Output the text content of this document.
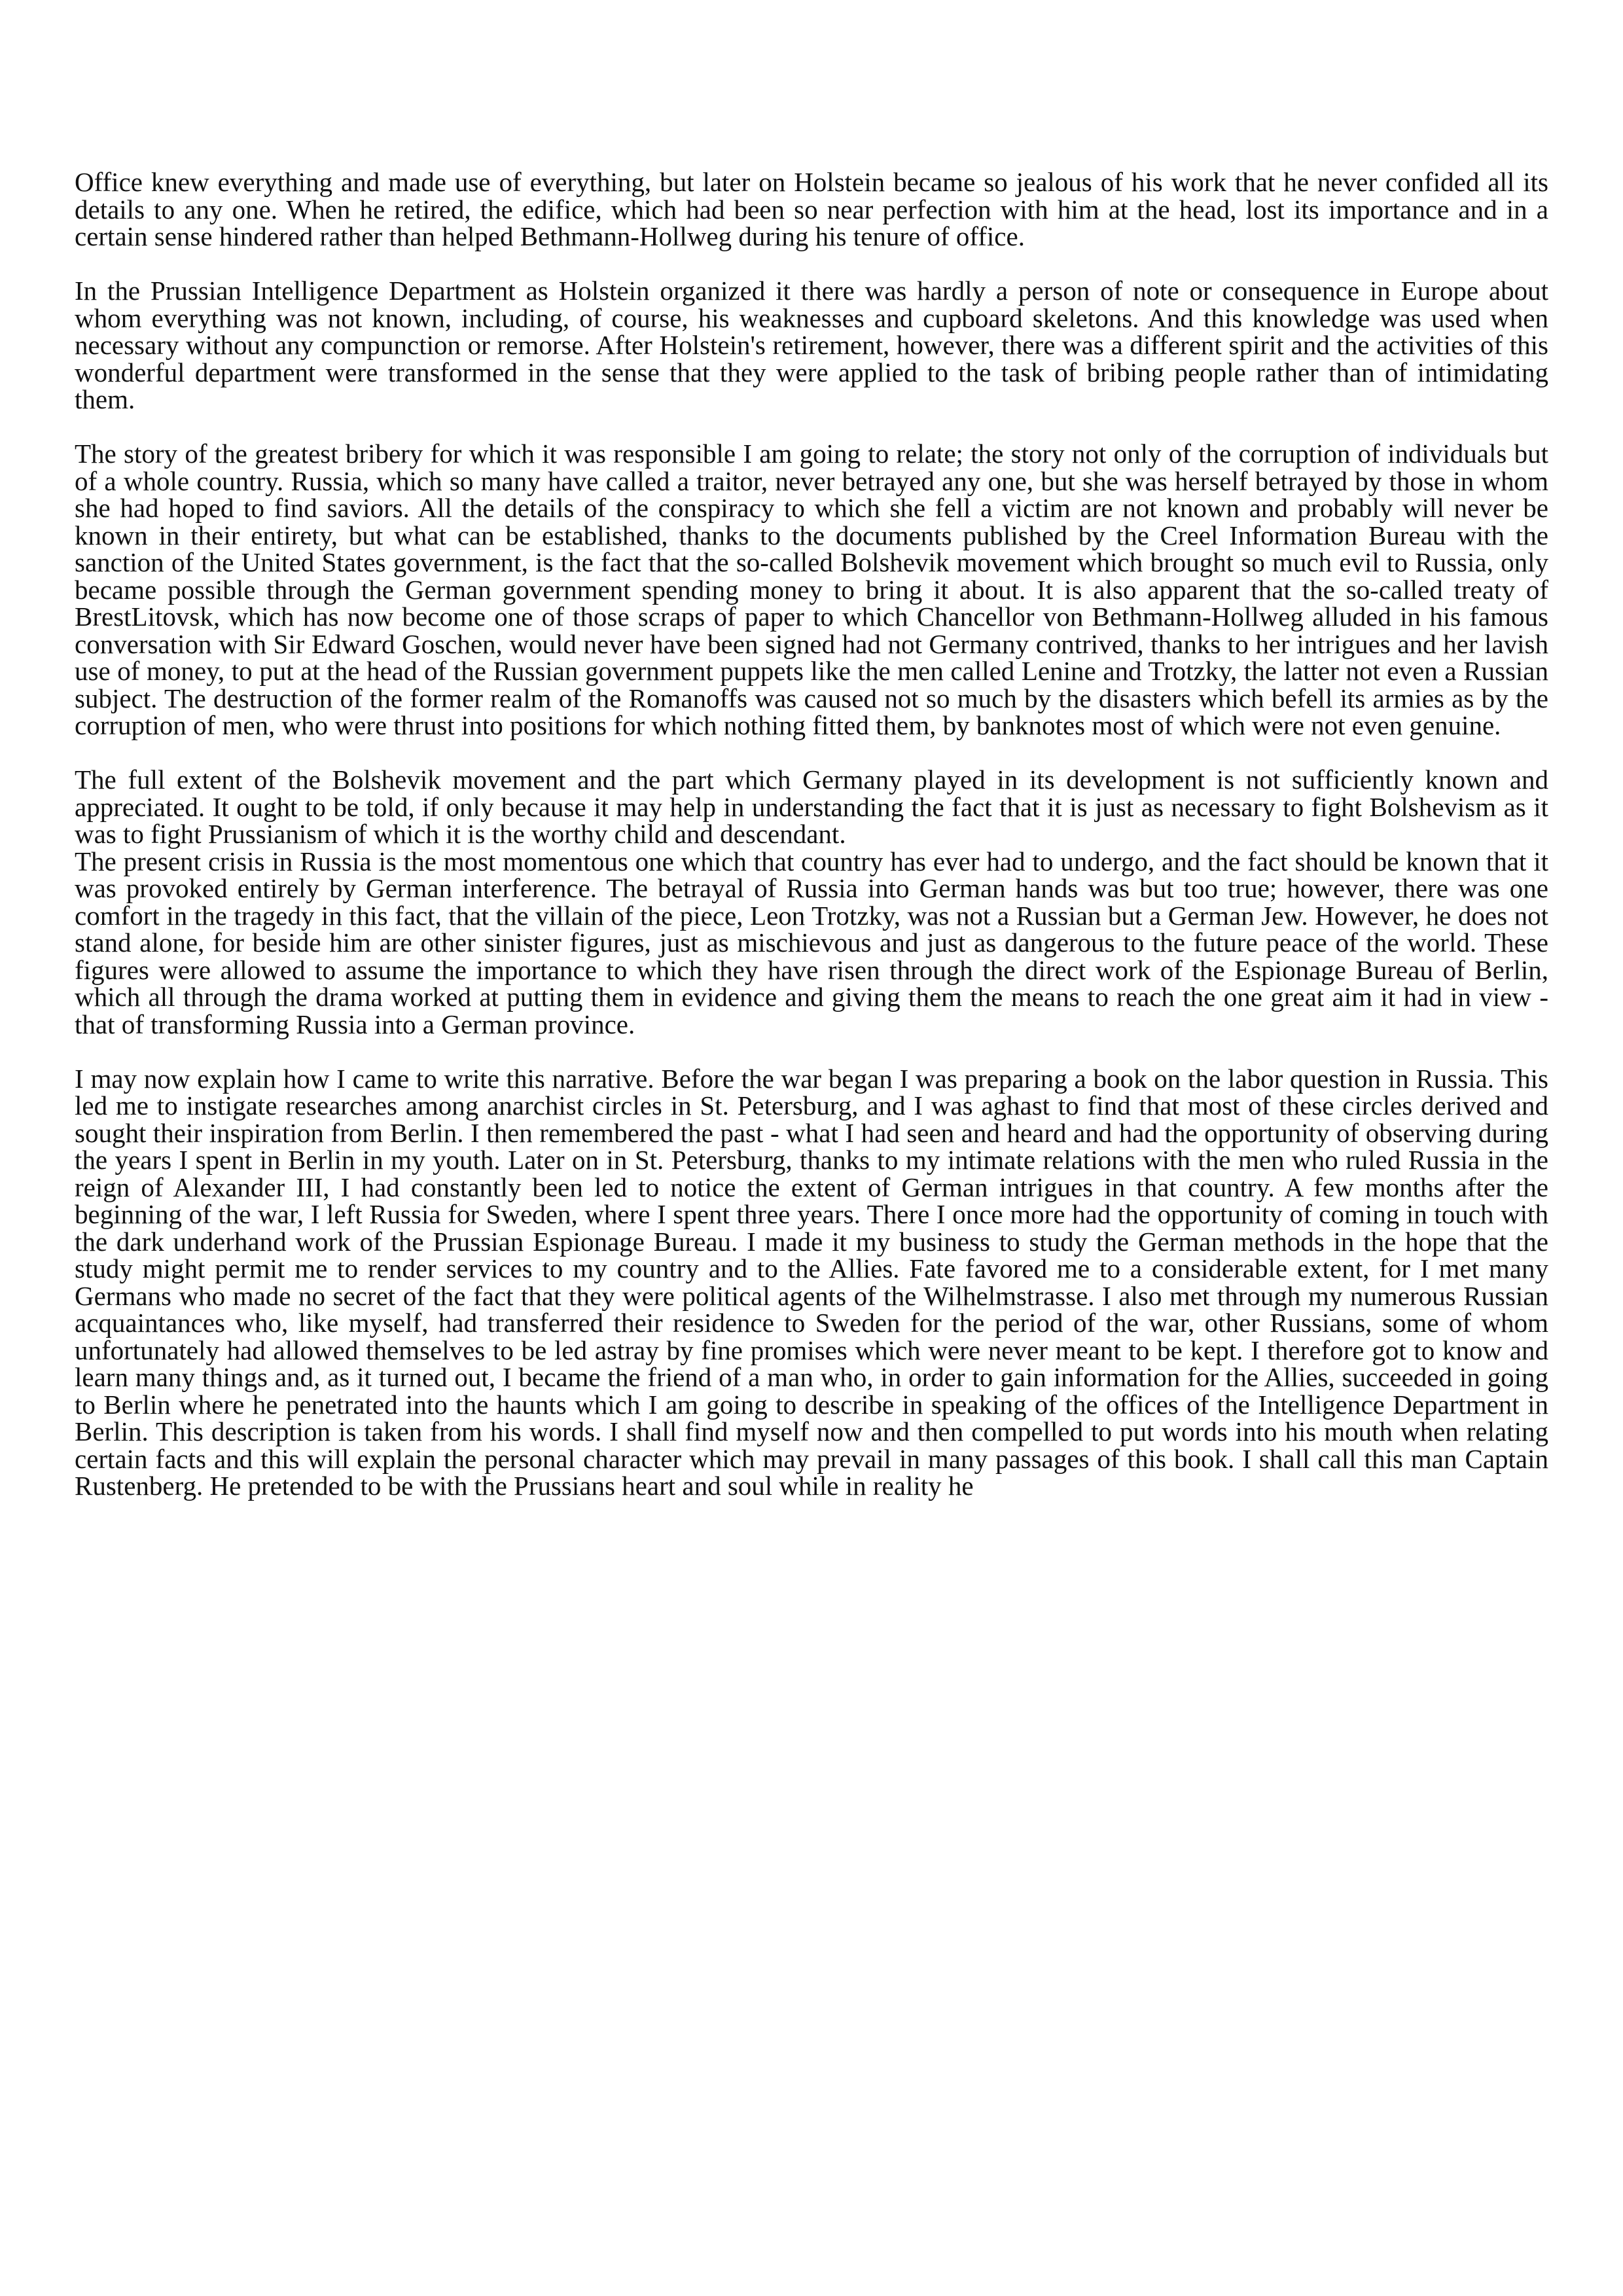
Office knew everything and made use of everything, but later on Holstein became so jealous of his work that he never confided all its details to any one. When he retired, the edifice, which had been so near perfection with him at the head, lost its importance and in a certain sense hindered rather than helped Bethmann-Hollweg during his tenure of office.

In the Prussian Intelligence Department as Holstein organized it there was hardly a person of note or consequence in Europe about whom everything was not known, including, of course, his weaknesses and cupboard skeletons. And this knowledge was used when necessary without any compunction or remorse. After Holstein's retirement, however, there was a different spirit and the activities of this wonderful department were transformed in the sense that they were applied to the task of bribing people rather than of intimidating them.

The story of the greatest bribery for which it was responsible I am going to relate; the story not only of the corruption of individuals but of a whole country. Russia, which so many have called a traitor, never betrayed any one, but she was herself betrayed by those in whom she had hoped to find saviors. All the details of the conspiracy to which she fell a victim are not known and probably will never be known in their entirety, but what can be established, thanks to the documents published by the Creel Information Bureau with the sanction of the United States government, is the fact that the so-called Bolshevik movement which brought so much evil to Russia, only became possible through the German government spending money to bring it about. It is also apparent that the so-called treaty of BrestLitovsk, which has now become one of those scraps of paper to which Chancellor von Bethmann-Hollweg alluded in his famous conversation with Sir Edward Goschen, would never have been signed had not Germany contrived, thanks to her intrigues and her lavish use of money, to put at the head of the Russian government puppets like the men called Lenine and Trotzky, the latter not even a Russian subject. The destruction of the former realm of the Romanoffs was caused not so much by the disasters which befell its armies as by the corruption of men, who were thrust into positions for which nothing fitted them, by banknotes most of which were not even genuine.

The full extent of the Bolshevik movement and the part which Germany played in its development is not sufficiently known and appreciated. It ought to be told, if only because it may help in understanding the fact that it is just as necessary to fight Bolshevism as it was to fight Prussianism of which it is the worthy child and descendant.

The present crisis in Russia is the most momentous one which that country has ever had to undergo, and the fact should be known that it was provoked entirely by German interference. The betrayal of Russia into German hands was but too true; however, there was one comfort in the tragedy in this fact, that the villain of the piece, Leon Trotzky, was not a Russian but a German Jew. However, he does not stand alone, for beside him are other sinister figures, just as mischievous and just as dangerous to the future peace of the world. These figures were allowed to assume the importance to which they have risen through the direct work of the Espionage Bureau of Berlin, which all through the drama worked at putting them in evidence and giving them the means to reach the one great aim it had in view -that of transforming Russia into a German province.

I may now explain how I came to write this narrative. Before the war began I was preparing a book on the labor question in Russia. This led me to instigate researches among anarchist circles in St. Petersburg, and I was aghast to find that most of these circles derived and sought their inspiration from Berlin. I then remembered the past - what I had seen and heard and had the opportunity of observing during the years I spent in Berlin in my youth. Later on in St. Petersburg, thanks to my intimate relations with the men who ruled Russia in the reign of Alexander III, I had constantly been led to notice the extent of German intrigues in that country. A few months after the beginning of the war, I left Russia for Sweden, where I spent three years. There I once more had the opportunity of coming in touch with the dark underhand work of the Prussian Espionage Bureau. I made it my business to study the German methods in the hope that the study might permit me to render services to my country and to the Allies. Fate favored me to a considerable extent, for I met many Germans who made no secret of the fact that they were political agents of the Wilhelmstrasse. I also met through my numerous Russian acquaintances who, like myself, had transferred their residence to Sweden for the period of the war, other Russians, some of whom unfortunately had allowed themselves to be led astray by fine promises which were never meant to be kept. I therefore got to know and learn many things and, as it turned out, I became the friend of a man who, in order to gain information for the Allies, succeeded in going to Berlin where he penetrated into the haunts which I am going to describe in speaking of the offices of the Intelligence Department in Berlin. This description is taken from his words. I shall find myself now and then compelled to put words into his mouth when relating certain facts and this will explain the personal character which may prevail in many passages of this book. I shall call this man Captain Rustenberg. He pretended to be with the Prussians heart and soul while in reality he
